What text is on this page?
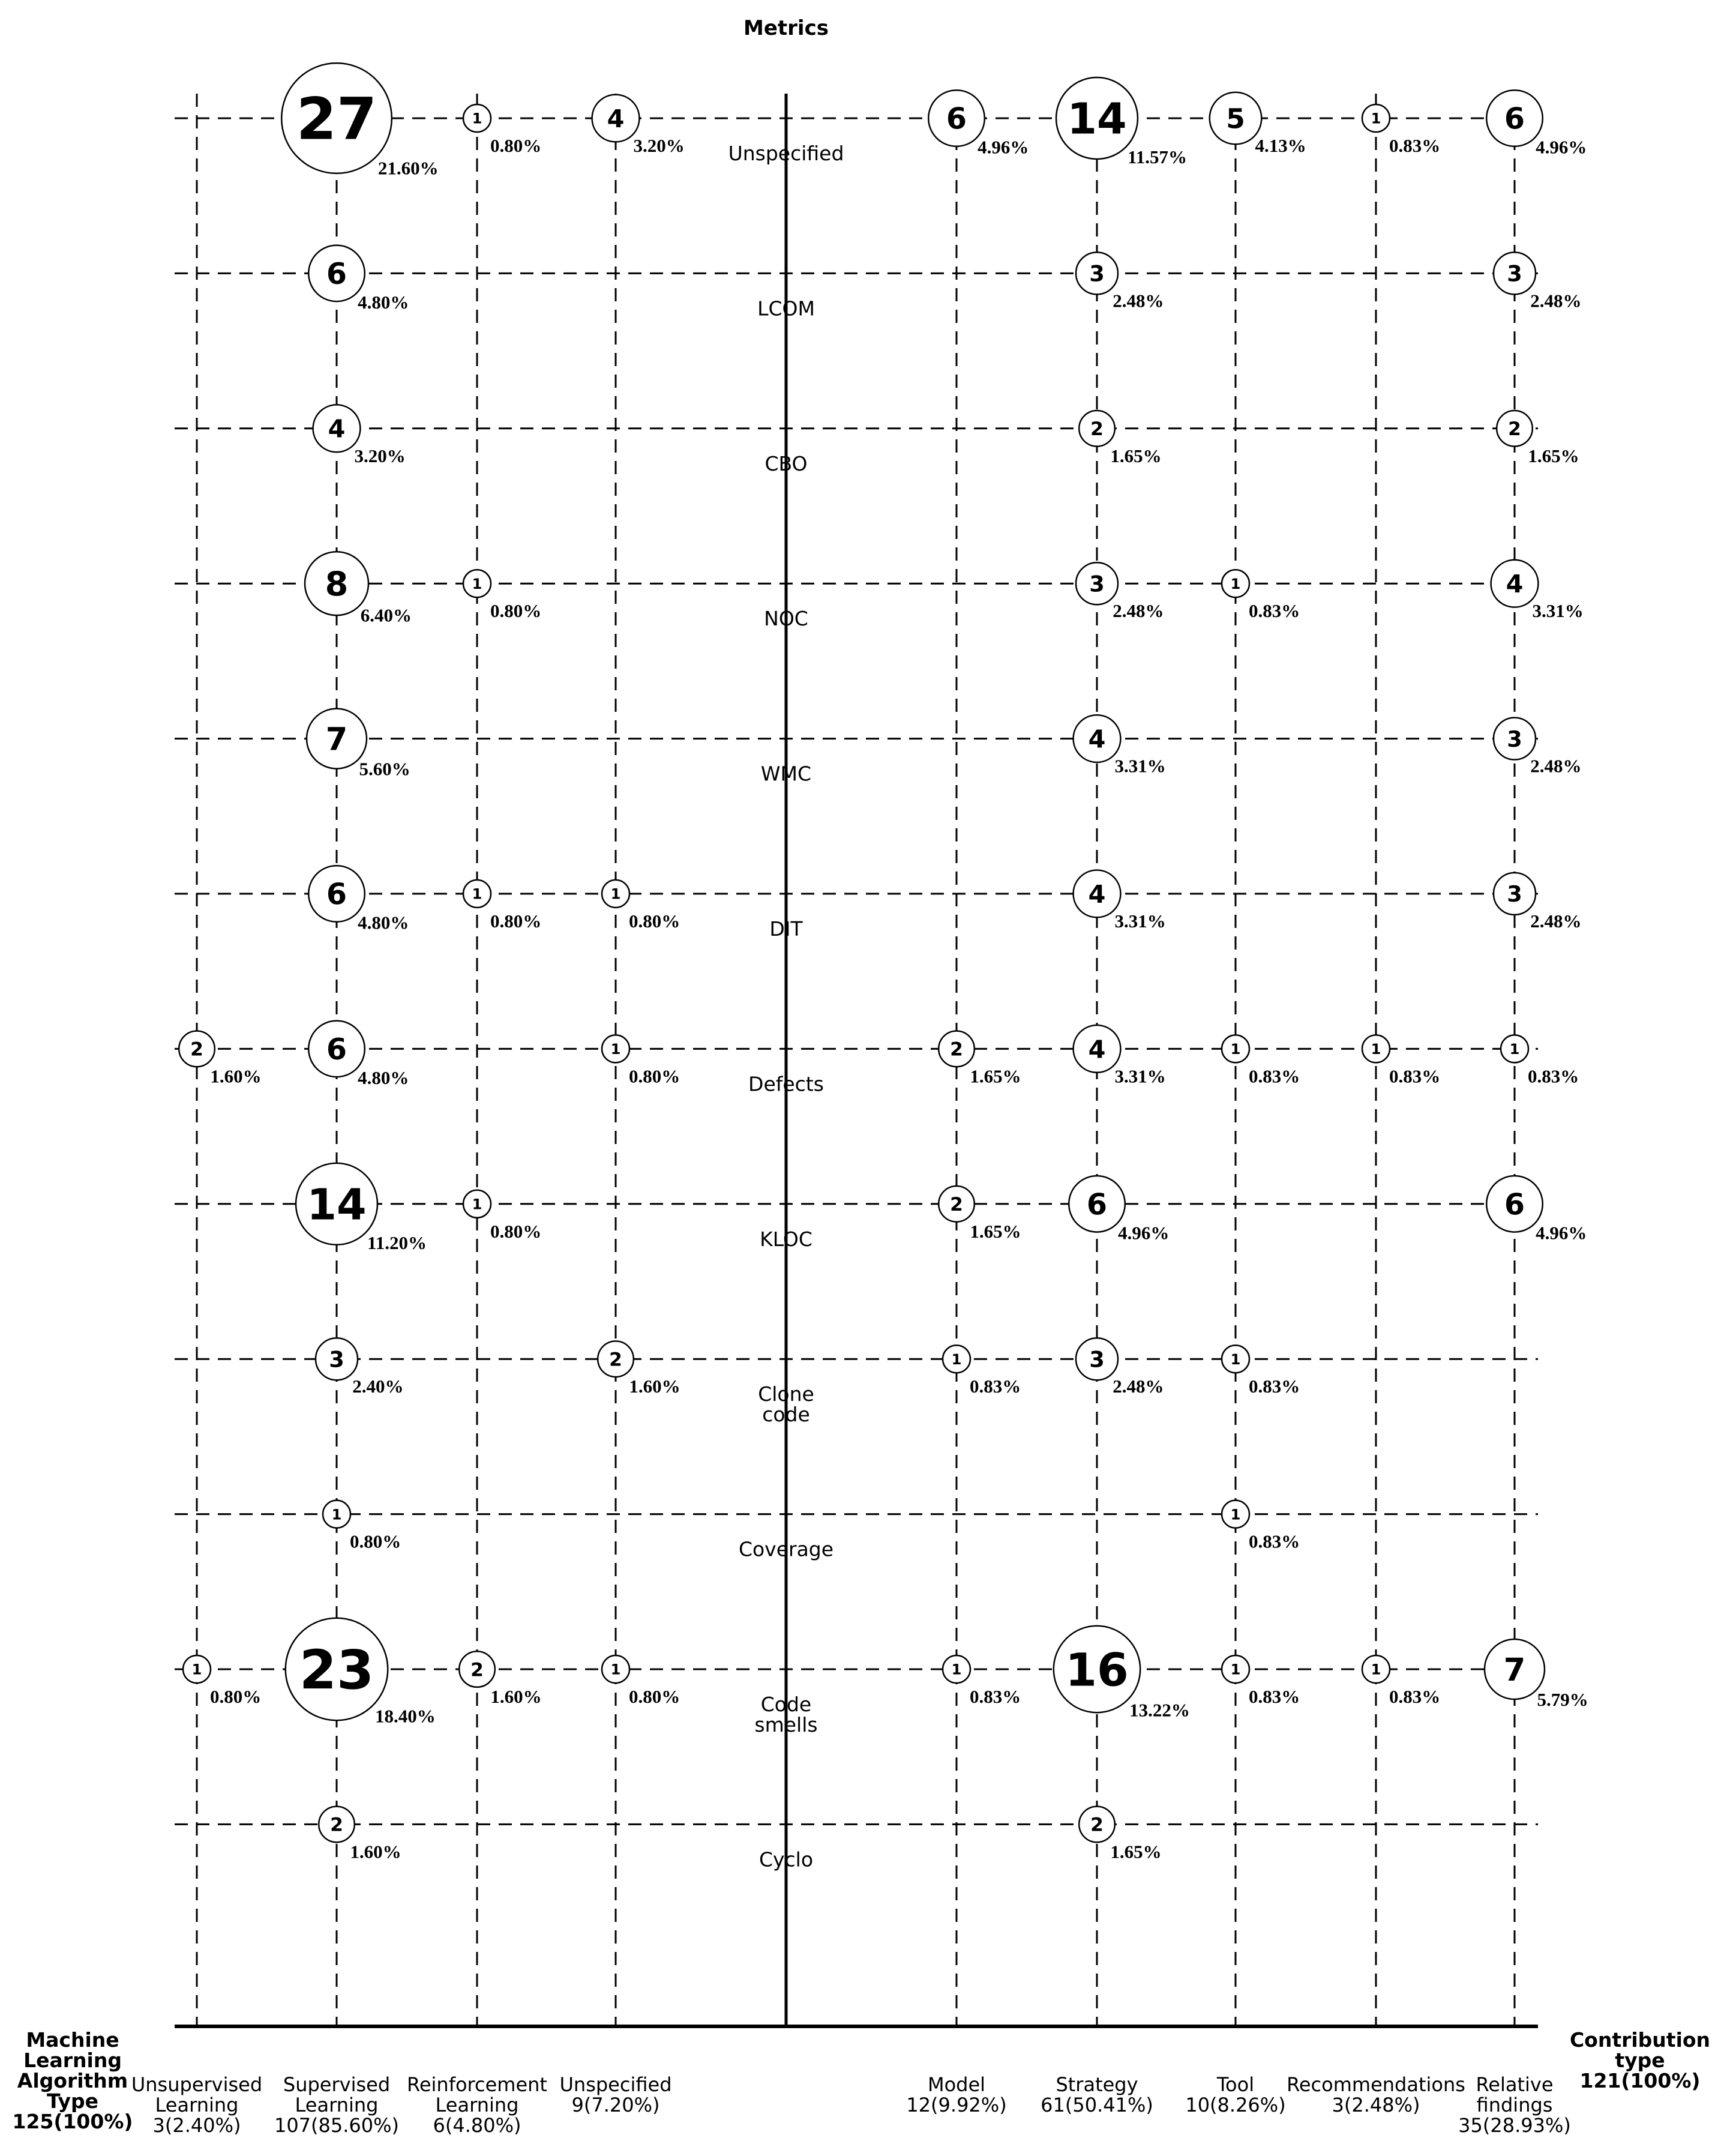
Unspecified
LCOM
CBO
NOC
WMC
DIT
Defects
KLOC
Clone code
Coverage
Code smells
Cyclo
27
21.60%
1
0.80%
4
3.20%
6
4.96%
14
11.57%
5
4.13%
1
0.83%
6
4.96%
6
4.80%
3
2.48%
3
2.48%
4
3.20%
2
1.65%
2
1.65%
8
6.40%
1
0.80%
3
2.48%
1
0.83%
4
3.31%
7
5.60%
4
3.31%
3
2.48%
6
4.80%
1
0.80%
1
0.80%
4
3.31%
3
2.48%
2
1.60%
6
4.80%
1
0.80%
2
1.65%
4
3.31%
1
0.83%
1
0.83%
1
0.83%
14
11.20%
1
0.80%
2
1.65%
6
4.96%
6
4.96%
3
2.40%
2
1.60%
1
0.83%
3
2.48%
1
0.83%
1
0.80%
1
0.83%
1
0.80% 23
18.40%
2
1.60%
1
0.80%
1
0.83%
16
13.22%
1
0.83%
1
0.83%
7
5.79%
2
1.60%
2
1.65%
Unsupervised Learning 3(2.40%)
Supervised Learning 107(85.60%)
Reinforcement Learning 6(4.80%)
Unspecified 9(7.20%)
Model 12(9.92%)
Strategy 61(50.41%)
Tool 10(8.26%)
Recommendations 3(2.48%)
Relative findings 35(28.93%)
Machine Learning Algorithm Type 125(100%)
Contribution type 121(100%)
Metrics
